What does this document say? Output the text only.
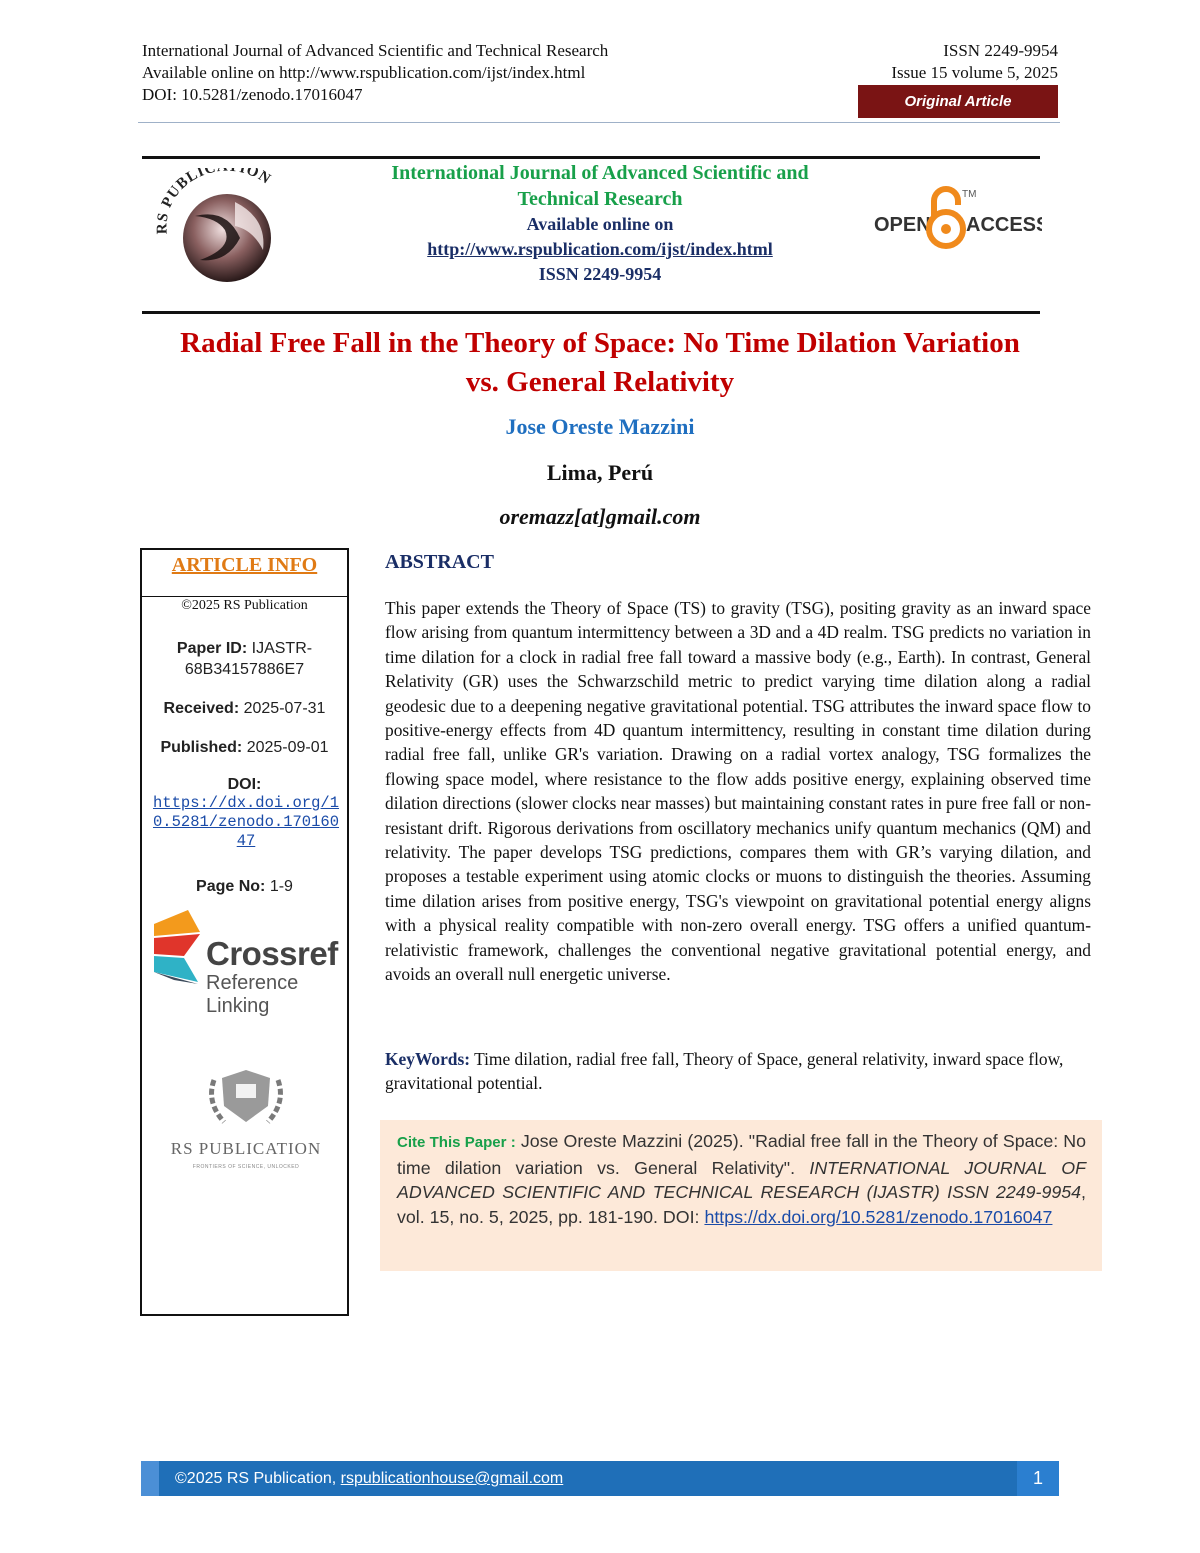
International Journal of Advanced Scientific and Technical Research
Available online on http://www.rspublication.com/ijst/index.html
DOI: 10.5281/zenodo.17016047
ISSN 2249-9954
Issue 15 volume 5, 2025
Original Article
RS PUBLIC ION	International Journal of Advanced Scientific and
Technical Research
Available online on
http://www.rspublication.com/ijst/index.html
ISSN 2249-9954
OPEN ACCESS
TM
Radial Free Fall in the Theory of Space: No Time Dilation Variation
vs. General Relativity
Jose Oreste Mazzini
Lima, Perú
oremazz[at]gmail.com
ARTICLE INFO
©2025 RS Publication
Paper ID: IJASTR-68B34157886E7
Received: 2025-07-31
Published: 2025-09-01
DOI:
https://dx.doi.org/10.5281/zenodo.17016047
Page No: 1-9
Crossref
Reference
Linking
RS PUBLICATION
FRONTIERS OF SCIENCE, UNLOCKED
ABSTRACT

This paper extends the Theory of Space (TS) to gravity (TSG), positing gravity as an inward space flow arising from quantum intermittency between a 3D and a 4D realm. TSG predicts no variation in time dilation for a clock in radial free fall toward a massive body (e.g., Earth). In contrast, General Relativity (GR) uses the Schwarzschild metric to predict varying time dilation along a radial geodesic due to a deepening negative gravitational potential. TSG attributes the inward space flow to positive-energy effects from 4D quantum intermittency, resulting in constant time dilation during radial free fall, unlike GR's variation. Drawing on a radial vortex analogy, TSG formalizes the flowing space model, where resistance to the flow adds positive energy, explaining observed time dilation directions (slower clocks near masses) but maintaining constant rates in pure free fall or non-resistant drift. Rigorous derivations from oscillatory mechanics unify quantum mechanics (QM) and relativity. The paper develops TSG predictions, compares them with GR’s varying dilation, and proposes a testable experiment using atomic clocks or muons to distinguish the theories. Assuming time dilation arises from positive energy, TSG's viewpoint on gravitational potential energy aligns with a physical reality compatible with non-zero overall energy. TSG offers a unified quantum-relativistic framework, challenges the conventional negative gravitational potential energy, and avoids an overall null energetic universe.

KeyWords: Time dilation, radial free fall, Theory of Space, general relativity, inward space flow, gravitational potential.

Cite This Paper : Jose Oreste Mazzini (2025). "Radial free fall in the Theory of Space: No time dilation variation vs. General Relativity". INTERNATIONAL JOURNAL OF ADVANCED SCIENTIFIC AND TECHNICAL RESEARCH (IJASTR) ISSN 2249-9954, vol. 15, no. 5, 2025, pp. 181-190. DOI: https://dx.doi.org/10.5281/zenodo.17016047
©2025 RS Publication, rspublicationhouse@gmail.com	1
